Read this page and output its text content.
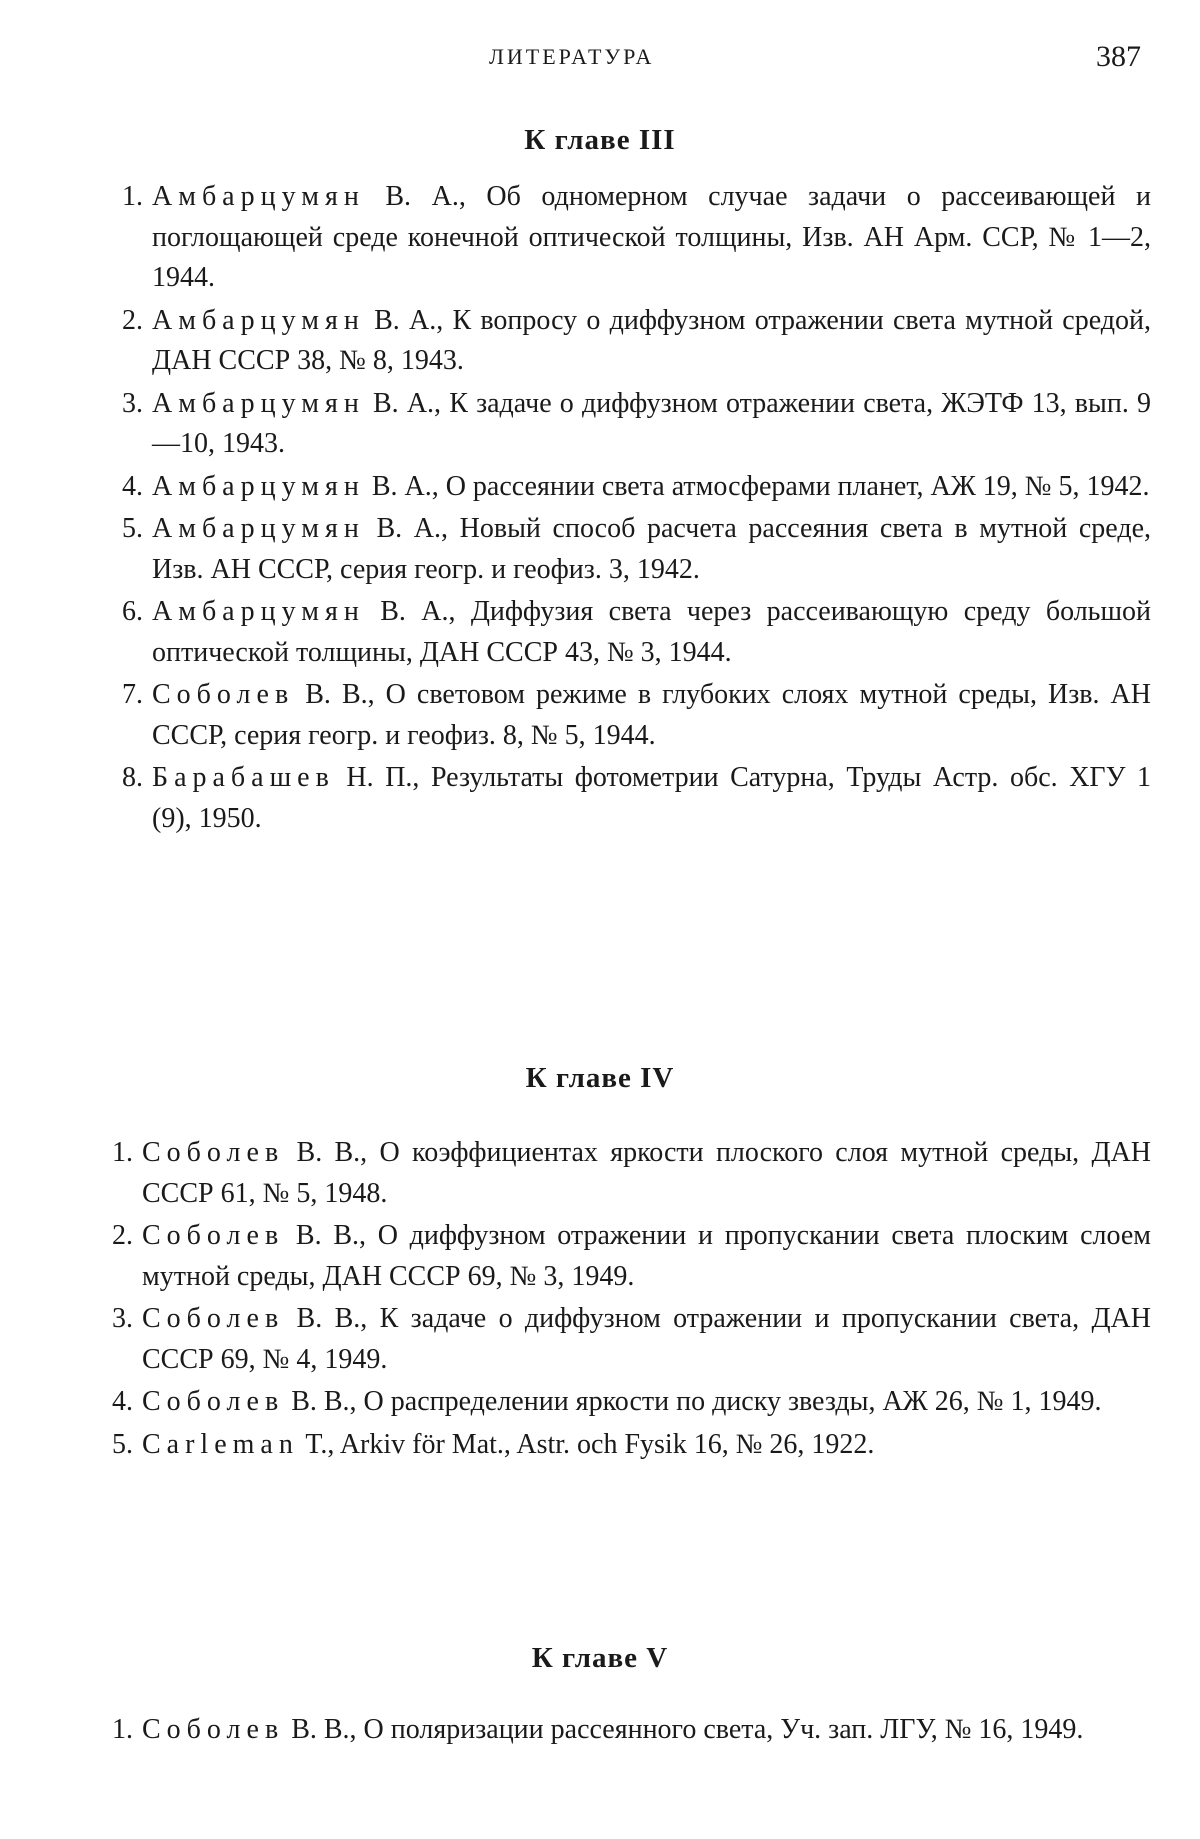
ЛИТЕРАТУРА	387
К главе III
1. Амбарцумян В. А., Об одномерном случае задачи о рассеивающей и поглощающей среде конечной оптической толщины, Изв. АН Арм. ССР, № 1—2, 1944.
2. Амбарцумян В. А., К вопросу о диффузном отражении света мутной средой, ДАН СССР 38, № 8, 1943.
3. Амбарцумян В. А., К задаче о диффузном отражении света, ЖЭТФ 13, вып. 9—10, 1943.
4. Амбарцумян В. А., О рассеянии света атмосферами планет, АЖ 19, № 5, 1942.
5. Амбарцумян В. А., Новый способ расчета рассеяния света в мутной среде, Изв. АН СССР, серия геогр. и геофиз. 3, 1942.
6. Амбарцумян В. А., Диффузия света через рассеивающую среду большой оптической толщины, ДАН СССР 43, № 3, 1944.
7. Соболев В. В., О световом режиме в глубоких слоях мутной среды, Изв. АН СССР, серия геогр. и геофиз. 8, № 5, 1944.
8. Барабашев Н. П., Результаты фотометрии Сатурна, Труды Астр. обс. ХГУ 1 (9), 1950.
К главе IV
1. Соболев В. В., О коэффициентах яркости плоского слоя мутной среды, ДАН СССР 61, № 5, 1948.
2. Соболев В. В., О диффузном отражении и пропускании света плоским слоем мутной среды, ДАН СССР 69, № 3, 1949.
3. Соболев В. В., К задаче о диффузном отражении и пропускании света, ДАН СССР 69, № 4, 1949.
4. Соболев В. В., О распределении яркости по диску звезды, АЖ 26, № 1, 1949.
5. Carleman T., Arkiv för Mat., Astr. och Fysik 16, № 26, 1922.
К главе V
1. Соболев В. В., О поляризации рассеянного света, Уч. зап. ЛГУ, № 16, 1949.
